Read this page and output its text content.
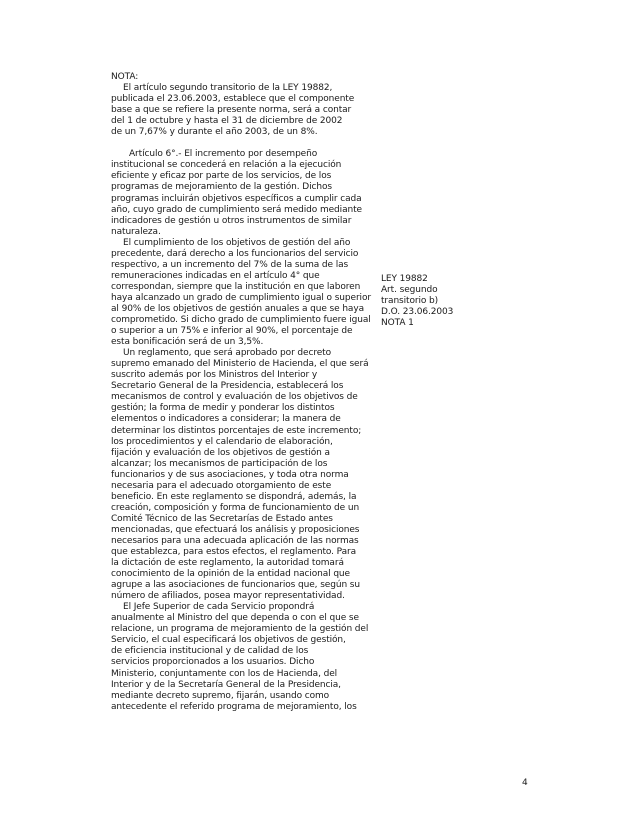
NOTA:
El artículo segundo transitorio de la LEY 19882,
publicada el 23.06.2003, establece que el componente
base a que se refiere la presente norma, será a contar
del 1 de octubre y hasta el 31 de diciembre de 2002
de un 7,67% y durante el año 2003, de un 8%.
Artículo 6°.- El incremento por desempeño
institucional se concederá en relación a la ejecución
eficiente y eficaz por parte de los servicios, de los
programas de mejoramiento de la gestión. Dichos
programas incluirán objetivos específicos a cumplir cada
año, cuyo grado de cumplimiento será medido mediante
indicadores de gestión u otros instrumentos de similar
naturaleza.
El cumplimiento de los objetivos de gestión del año
precedente, dará derecho a los funcionarios del servicio
respectivo, a un incremento del 7% de la suma de las
remuneraciones indicadas en el artículo 4° que
correspondan, siempre que la institución en que laboren
haya alcanzado un grado de cumplimiento igual o superior
al 90% de los objetivos de gestión anuales a que se haya
comprometido. Si dicho grado de cumplimiento fuere igual
o superior a un 75% e inferior al 90%, el porcentaje de
esta bonificación será de un 3,5%.
Un reglamento, que será aprobado por decreto
supremo emanado del Ministerio de Hacienda, el que será
suscrito además por los Ministros del Interior y
Secretario General de la Presidencia, establecerá los
mecanismos de control y evaluación de los objetivos de
gestión; la forma de medir y ponderar los distintos
elementos o indicadores a considerar; la manera de
determinar los distintos porcentajes de este incremento;
los procedimientos y el calendario de elaboración,
fijación y evaluación de los objetivos de gestión a
alcanzar; los mecanismos de participación de los
funcionarios y de sus asociaciones, y toda otra norma
necesaria para el adecuado otorgamiento de este
beneficio. En este reglamento se dispondrá, además, la
creación, composición y forma de funcionamiento de un
Comité Técnico de las Secretarías de Estado antes
mencionadas, que efectuará los análisis y proposiciones
necesarios para una adecuada aplicación de las normas
que establezca, para estos efectos, el reglamento. Para
la dictación de este reglamento, la autoridad tomará
conocimiento de la opinión de la entidad nacional que
agrupe a las asociaciones de funcionarios que, según su
número de afiliados, posea mayor representatividad.
El Jefe Superior de cada Servicio propondrá
anualmente al Ministro del que dependa o con el que se
relacione, un programa de mejoramiento de la gestión del
Servicio, el cual especificará los objetivos de gestión,
de eficiencia institucional y de calidad de los
servicios proporcionados a los usuarios. Dicho
Ministerio, conjuntamente con los de Hacienda, del
Interior y de la Secretaría General de la Presidencia,
mediante decreto supremo, fijarán, usando como
antecedente el referido programa de mejoramiento, los
LEY 19882
Art. segundo
transitorio b)
D.O. 23.06.2003
NOTA 1
4
